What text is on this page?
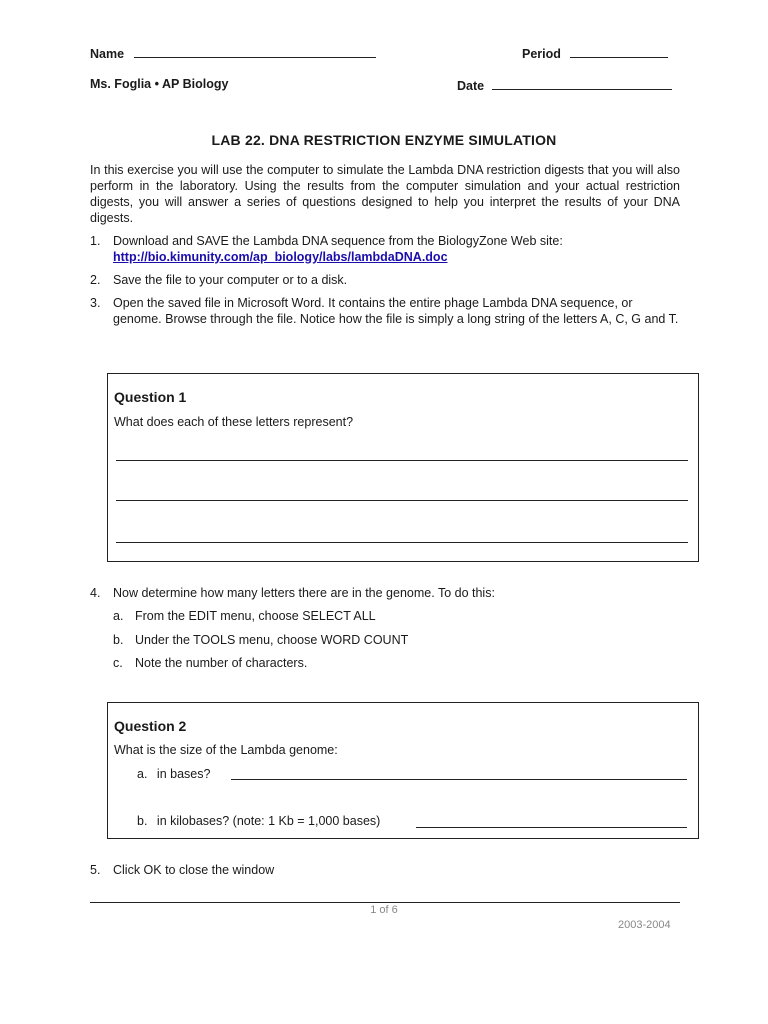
Name	Period
Ms. Foglia • AP Biology	Date
LAB 22. DNA RESTRICTION ENZYME SIMULATION
In this exercise you will use the computer to simulate the Lambda DNA restriction digests that you will also perform in the laboratory. Using the results from the computer simulation and your actual restriction digests, you will answer a series of questions designed to help you interpret the results of your DNA digests.
1.	Download and SAVE the Lambda DNA sequence from the BiologyZone Web site:
http://bio.kimunity.com/ap_biology/labs/lambdaDNA.doc
2.	Save the file to your computer or to a disk.
3.	Open the saved file in Microsoft Word. It contains the entire phage Lambda DNA sequence, or genome. Browse through the file. Notice how the file is simply a long string of the letters A, C, G and T.
Question 1
What does each of these letters represent?
4.	Now determine how many letters there are in the genome. To do this:
a. From the EDIT menu, choose SELECT ALL
b. Under the TOOLS menu, choose WORD COUNT
c. Note the number of characters.
Question 2
What is the size of the Lambda genome:
a. in bases?
b. in kilobases? (note: 1 Kb = 1,000 bases)
5.	Click OK to close the window
1 of 6
2003-2004
